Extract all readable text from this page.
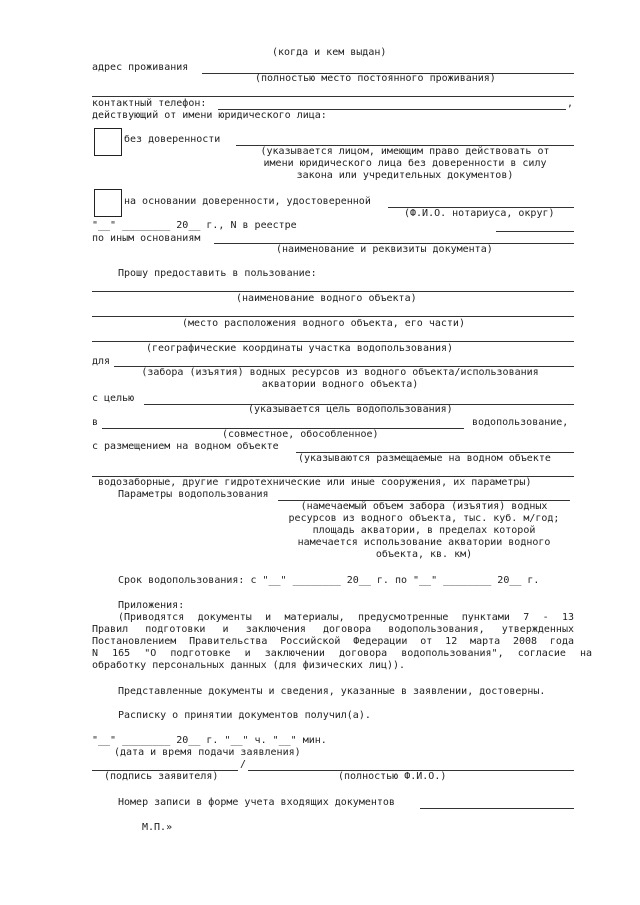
(когда и кем выдан)
адрес проживания
(полностью место постоянного проживания)
контактный телефон:	,
действующий от имени юридического лица:
без доверенности
(указывается лицом, имеющим право действовать от
имени юридического лица без доверенности в силу
закона или учредительных документов)
на основании доверенности, удостоверенной
(Ф.И.О. нотариуса, округ)
"__" ________ 20__ г., N в реестре
по иным основаниям
(наименование и реквизиты документа)
Прошу предоставить в пользование:
(наименование водного объекта)
(место расположения водного объекта, его части)
(географические координаты участка водопользования)
для
(забора (изъятия) водных ресурсов из водного объекта/использования
акватории водного объекта)
с целью
(указывается цель водопользования)
в	водопользование,
(совместное, обособленное)
с размещением на водном объекте
(указываются размещаемые на водном объекте
водозаборные, другие гидротехнические или иные сооружения, их параметры)
Параметры водопользования
(намечаемый объем забора (изъятия) водных
ресурсов из водного объекта, тыс. куб. м/год;
площадь акватории, в пределах которой
намечается использование акватории водного
объекта, кв. км)
Срок водопользования: с "__" ________ 20__ г. по "__" ________ 20__ г.
Приложения:
(Приводятся документы и материалы, предусмотренные пунктами 7 - 13
Правил подготовки и заключения договора водопользования, утвержденных
Постановлением Правительства Российской Федерации от 12 марта 2008 года
N 165 "О подготовке и заключении договора водопользования", согласие на
обработку персональных данных (для физических лиц)).
Представленные документы и сведения, указанные в заявлении, достоверны.
Расписку о принятии документов получил(а).
"__" ________ 20__ г. "__" ч. "__" мин.
(дата и время подачи заявления)
/
(подпись заявителя)	(полностью Ф.И.О.)
Номер записи в форме учета входящих документов
М.П.»
